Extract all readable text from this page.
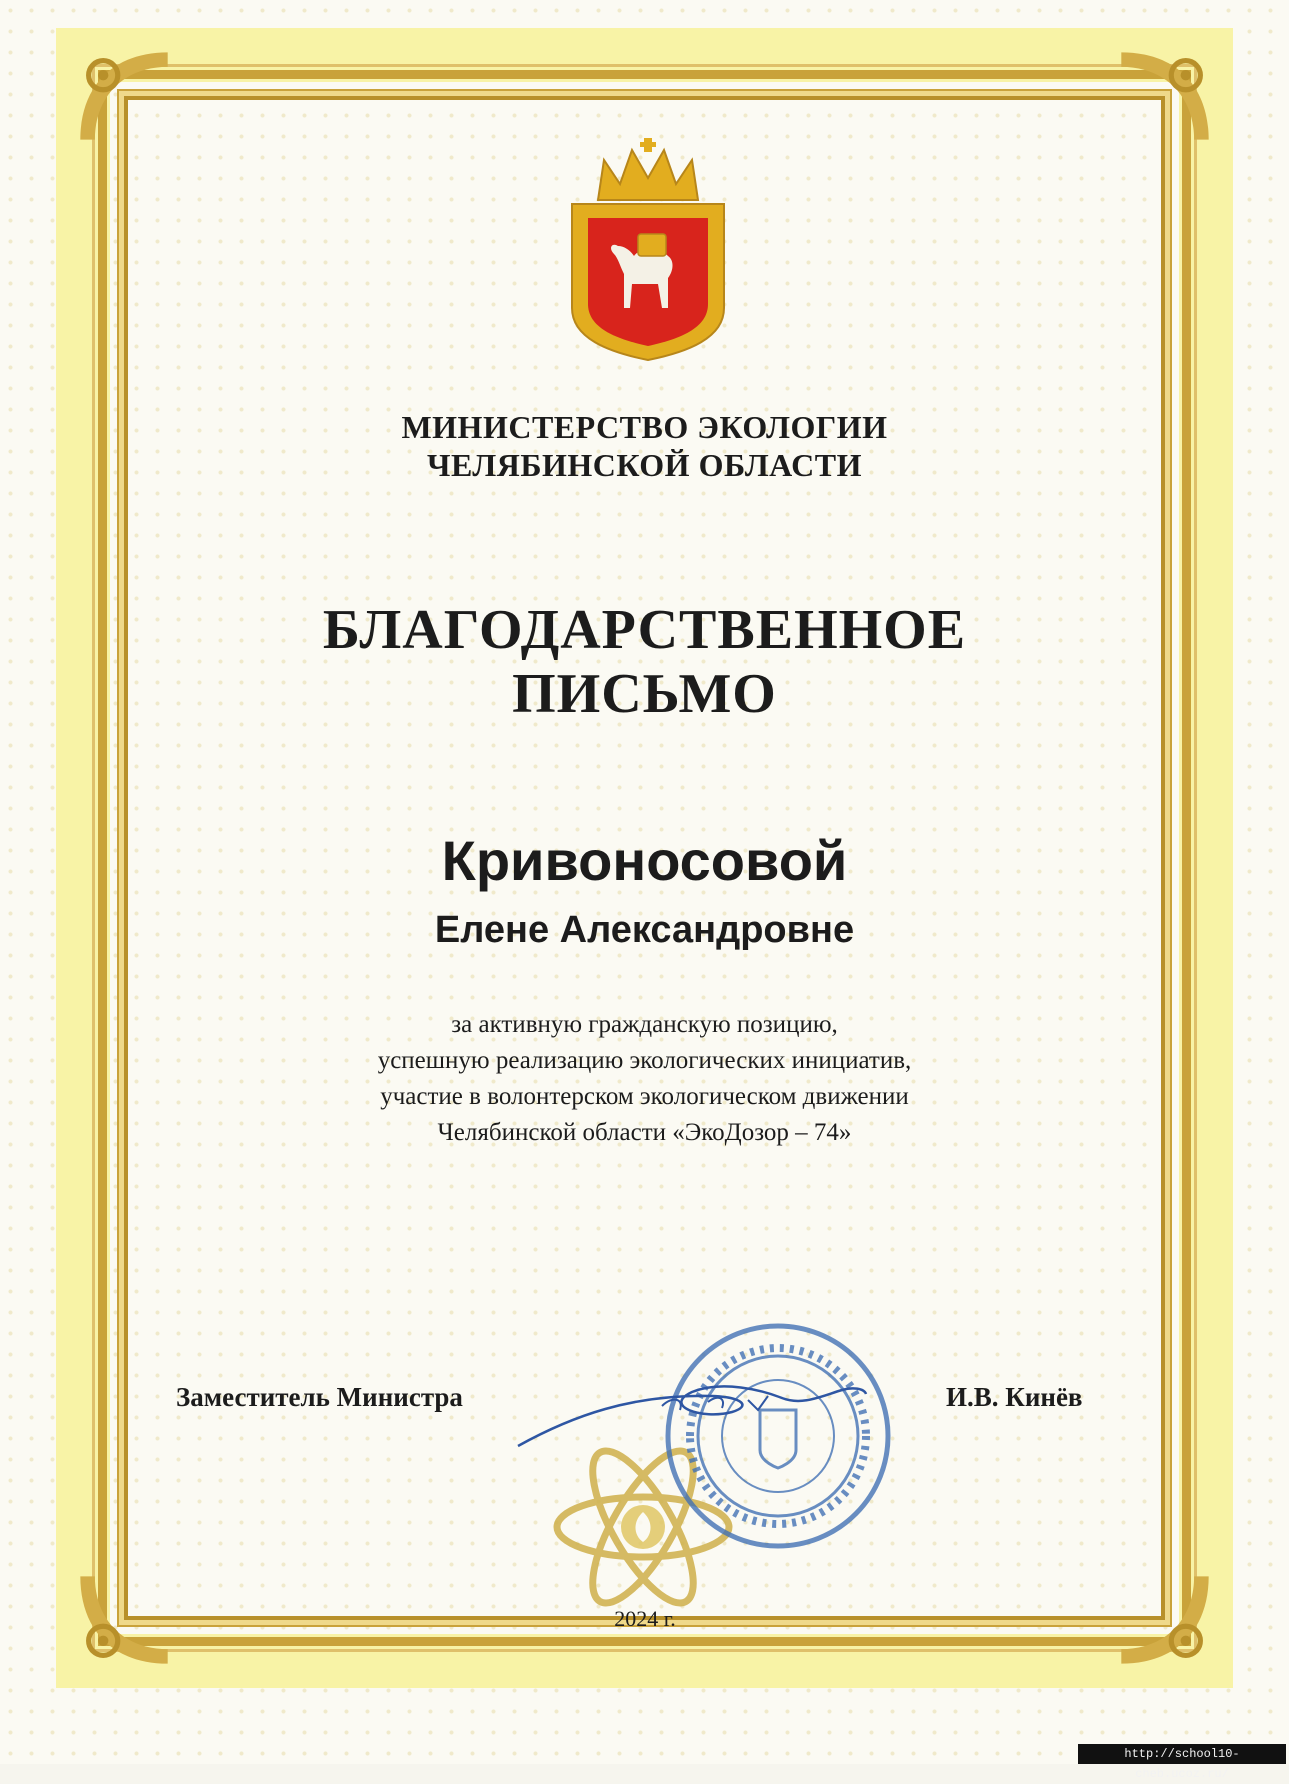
МИНИСТЕРСТВО ЭКОЛОГИИ
ЧЕЛЯБИНСКОЙ ОБЛАСТИ
БЛАГОДАРСТВЕННОЕ
ПИСЬМО
Кривоносовой
Елене Александровне
за активную гражданскую позицию,
успешную реализацию экологических инициатив,
участие в волонтерском экологическом движении
Челябинской области «ЭкоДозор – 74»
Заместитель Министра	И.В. Кинёв
2024 г.
http://school10-cheb.ucoz.ru/
